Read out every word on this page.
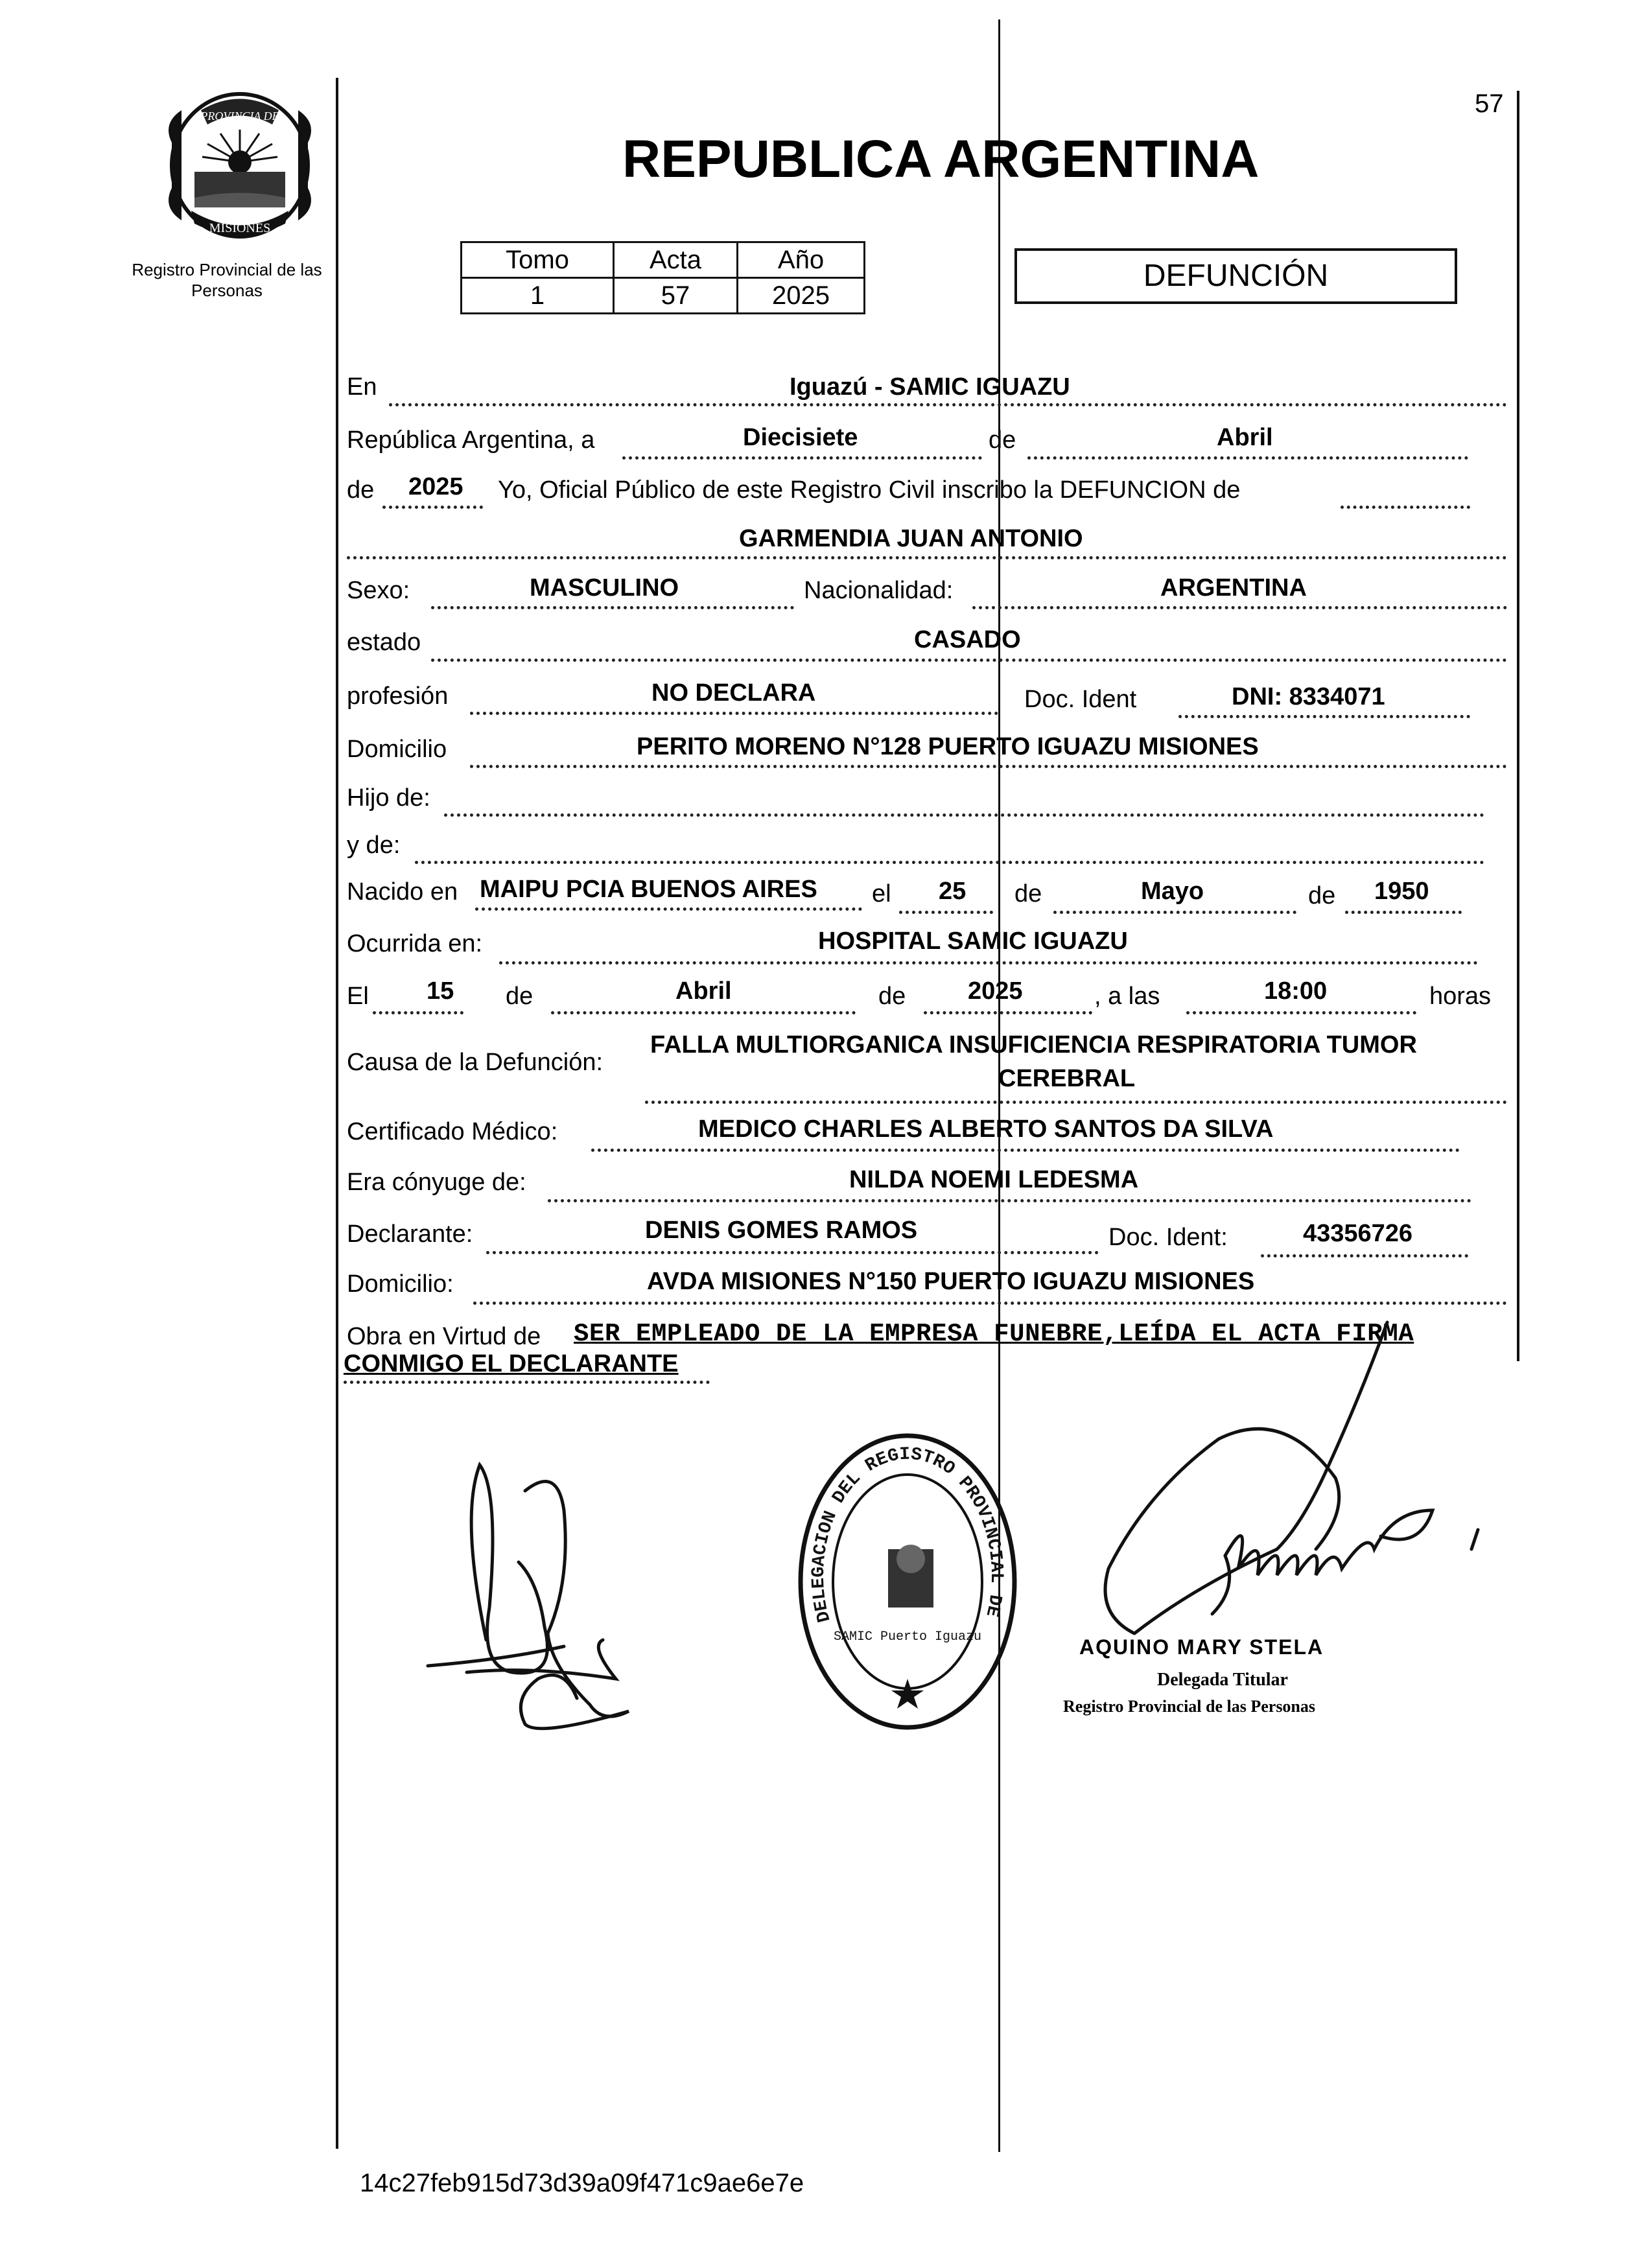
PROVINCIA DE
MISIONES
Registro Provincial de las Personas
57
REPUBLICA ARGENTINA
Tomo	Acta	Año
1	57	2025
DEFUNCIÓN
En	Iguazú - SAMIC IGUAZU
República Argentina, a	Diecisiete	de	Abril
de 2025 Yo, Oficial Público de este Registro Civil inscribo la DEFUNCION de
GARMENDIA JUAN ANTONIO
Sexo:	MASCULINO	Nacionalidad:	ARGENTINA
estado	CASADO
profesión	NO DECLARA	Doc. Ident	DNI: 8334071
Domicilio	PERITO MORENO N°128 PUERTO IGUAZU MISIONES
Hijo de:
y de:
Nacido en MAIPU PCIA BUENOS AIRES el 25 de	Mayo	de 1950
Ocurrida en:	HOSPITAL SAMIC IGUAZU
El 15 de	Abril	de	2025	, a las	18:00	horas
Causa de la Defunción:
FALLA MULTIORGANICA INSUFICIENCIA RESPIRATORIA TUMOR
CEREBRAL
Certificado Médico:	MEDICO CHARLES ALBERTO SANTOS DA SILVA
Era cónyuge de:	NILDA NOEMI LEDESMA
Declarante:	DENIS GOMES RAMOS	Doc. Ident:	43356726
Domicilio:	AVDA MISIONES N°150 PUERTO IGUAZU MISIONES
Obra en Virtud de SER EMPLEADO DE LA EMPRESA FUNEBRE,LEÍDA EL ACTA FIRMA
CONMIGO EL DECLARANTE
DELEGACION DEL REGISTRO PROVINCIAL DE
SAMIC Puerto Iguazu	AQUINO MARY STELA
Delegada Titular
Registro Provincial de las Personas
14c27feb915d73d39a09f471c9ae6e7e
